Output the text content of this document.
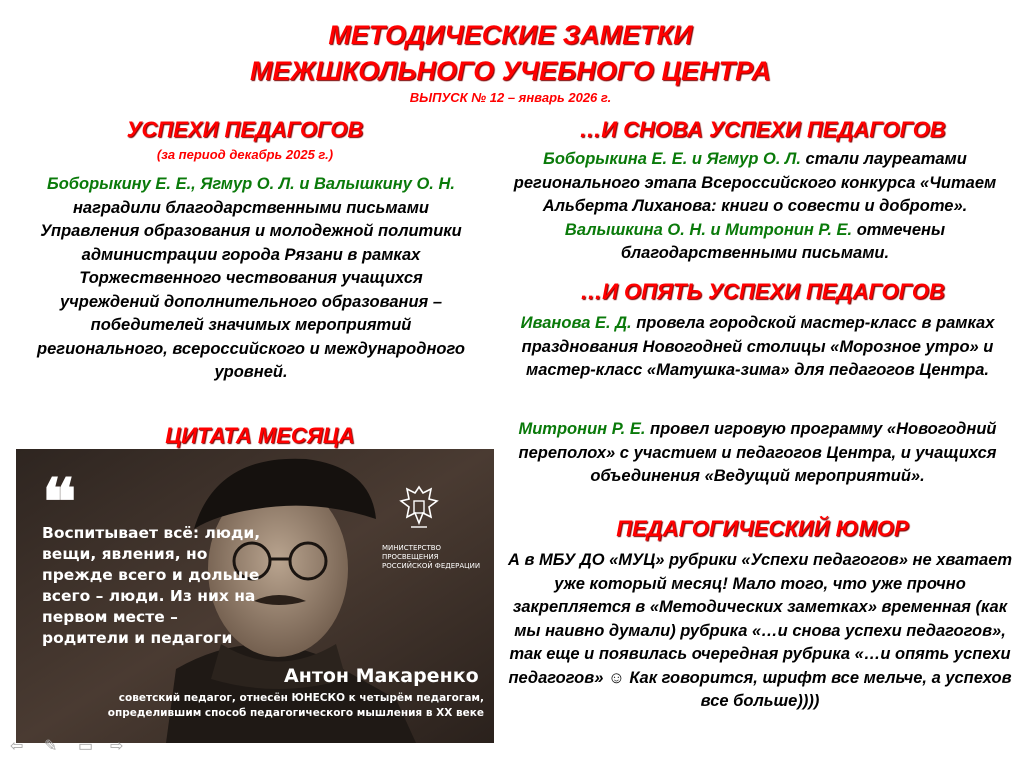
МЕТОДИЧЕСКИЕ ЗАМЕТКИ
МЕЖШКОЛЬНОГО УЧЕБНОГО ЦЕНТРА
ВЫПУСК № 12 – январь 2026 г.
УСПЕХИ ПЕДАГОГОВ
(за период декабрь 2025 г.)
Боборыкину Е. Е., Ягмур О. Л. и Валышкину О. Н. наградили благодарственными письмами Управления образования и молодежной политики администрации города Рязани в рамках Торжественного чествования учащихся учреждений дополнительного образования – победителей значимых мероприятий регионального, всероссийского и международного уровней.
ЦИТАТА МЕСЯЦА
❝
Воспитывает всё: люди,
вещи, явления, но
прежде всего и дольше
всего – люди. Из них на
первом месте –
родители и педагоги
МИНИСТЕРСТВО
ПРОСВЕЩЕНИЯ
РОССИЙСКОЙ ФЕДЕРАЦИИ
Антон Макаренко
советский педагог, отнесён ЮНЕСКО к четырём педагогам,
определившим способ педагогического мышления в XX веке
…И СНОВА УСПЕХИ ПЕДАГОГОВ
Боборыкина Е. Е. и Ягмур О. Л. стали лауреатами регионального этапа Всероссийского конкурса «Читаем Альберта Лиханова: книги о совести и доброте». Валышкина О. Н. и Митронин Р. Е. отмечены благодарственными письмами.
…И ОПЯТЬ УСПЕХИ ПЕДАГОГОВ
Иванова Е. Д. провела городской мастер-класс в рамках празднования Новогодней столицы «Морозное утро» и мастер-класс «Матушка-зима» для педагогов Центра.
Митронин Р. Е. провел игровую программу «Новогодний переполох» с участием и педагогов Центра, и учащихся объединения «Ведущий мероприятий».
ПЕДАГОГИЧЕСКИЙ ЮМОР
А в МБУ ДО «МУЦ» рубрики «Успехи педагогов» не хватает уже который месяц! Мало того, что уже прочно закрепляется в «Методических заметках» временная (как мы наивно думали) рубрика «…и снова успехи педагогов», так еще и появилась очередная рубрика «…и опять успехи педагогов» ☺ Как говорится, шрифт все мельче, а успехов все больше))))
⇦ ✎ ▭ ⇨
